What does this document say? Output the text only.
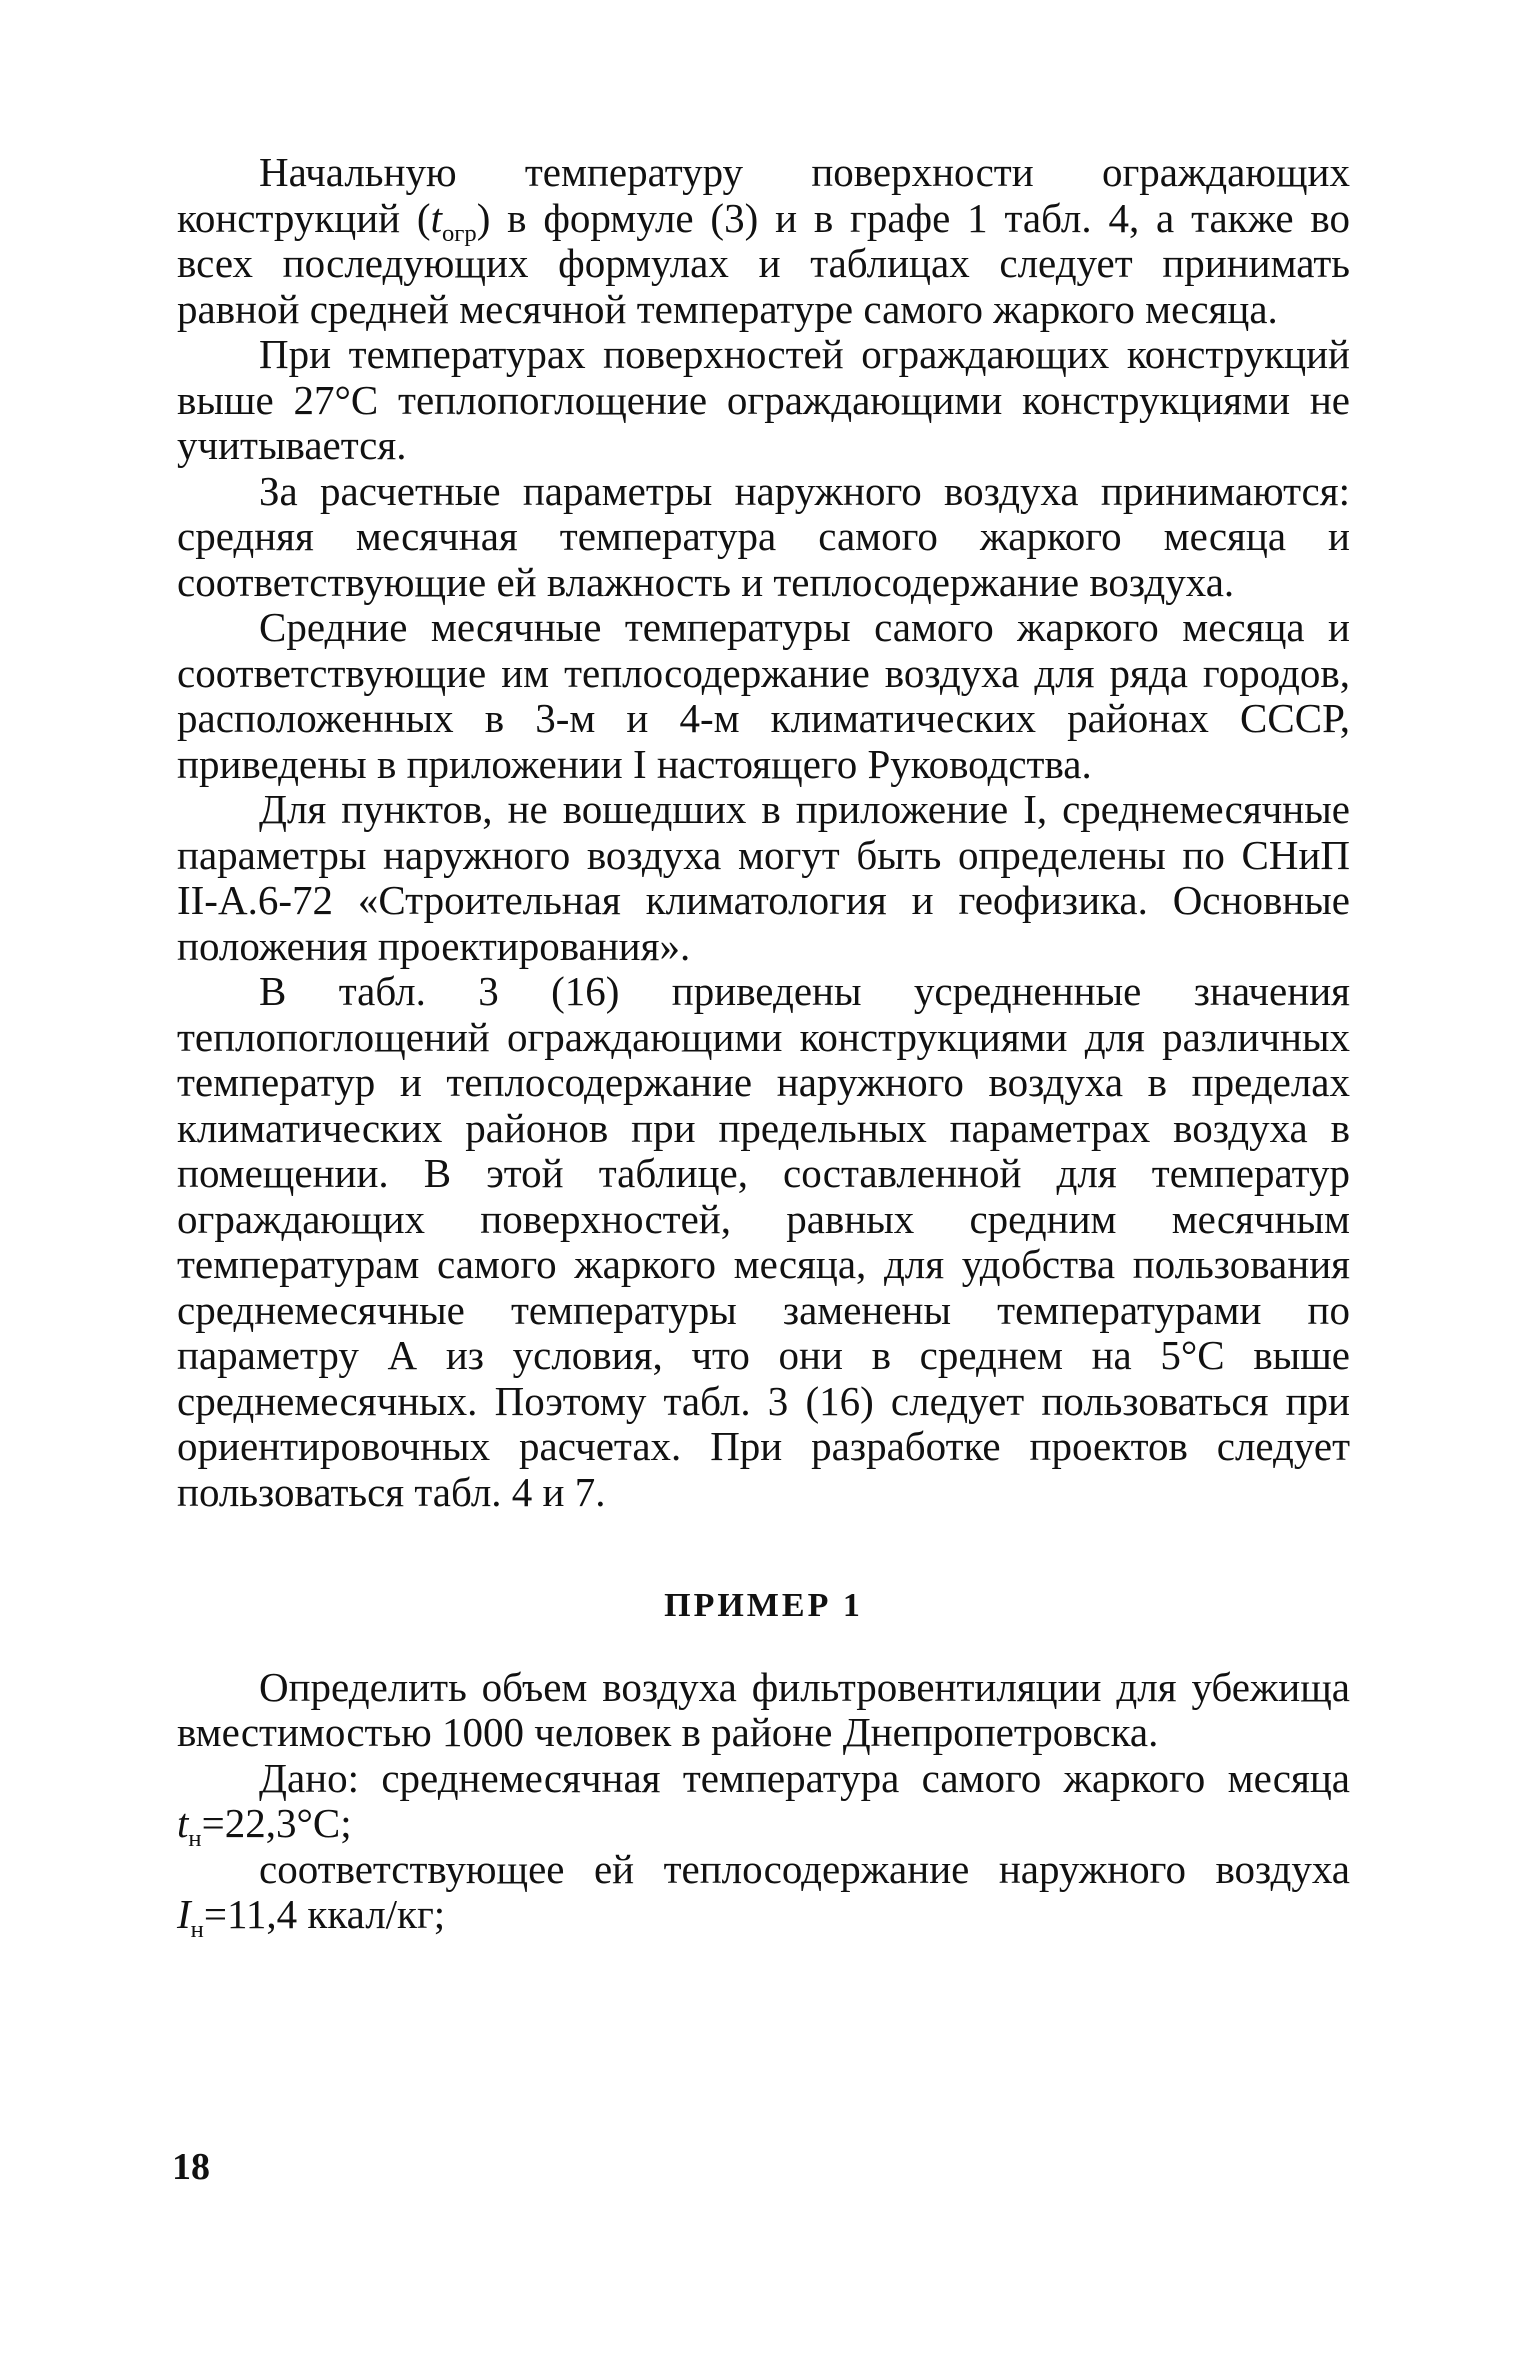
Начальную температуру поверхности ограждающих конструкций $(t_{огр})$ в формуле (3) и в графе 1 табл. 4, а также во всех последующих формулах и таблицах следует принимать равной средней месячной температуре самого жаркого месяца.

При температурах поверхностей ограждающих конструкций выше 27°C теплопоглощение ограждающими конструкциями не учитывается.

За расчетные параметры наружного воздуха принимаются: средняя месячная температура самого жаркого месяца и соответствующие ей влажность и теплосодержание воздуха.

Средние месячные температуры самого жаркого месяца и соответствующие им теплосодержание воздуха для ряда городов, расположенных в 3-м и 4-м климатических районах СССР, приведены в приложении I настоящего Руководства.

Для пунктов, не вошедших в приложение I, среднемесячные параметры наружного воздуха могут быть определены по СНиП II-А.6-72 «Строительная климатология и геофизика. Основные положения проектирования».

В табл. 3 (16) приведены усредненные значения теплопоглощений ограждающими конструкциями для различных температур и теплосодержание наружного воздуха в пределах климатических районов при предельных параметрах воздуха в помещении. В этой таблице, составленной для температур ограждающих поверхностей, равных средним месячным температурам самого жаркого месяца, для удобства пользования среднемесячные температуры заменены температурами по параметру А из условия, что они в среднем на 5°C выше среднемесячных. Поэтому табл. 3 (16) следует пользоваться при ориентировочных расчетах. При разработке проектов следует пользоваться табл. 4 и 7.

ПРИМЕР 1

Определить объем воздуха фильтровентиляции для убежища вместимостью 1000 человек в районе Днепропетровска.

Дано: среднемесячная температура самого жаркого месяца $t_н=22,3^\circ C$;

соответствующее ей теплосодержание наружного воздуха $I_н=11,4$ ккал/кг;

18
